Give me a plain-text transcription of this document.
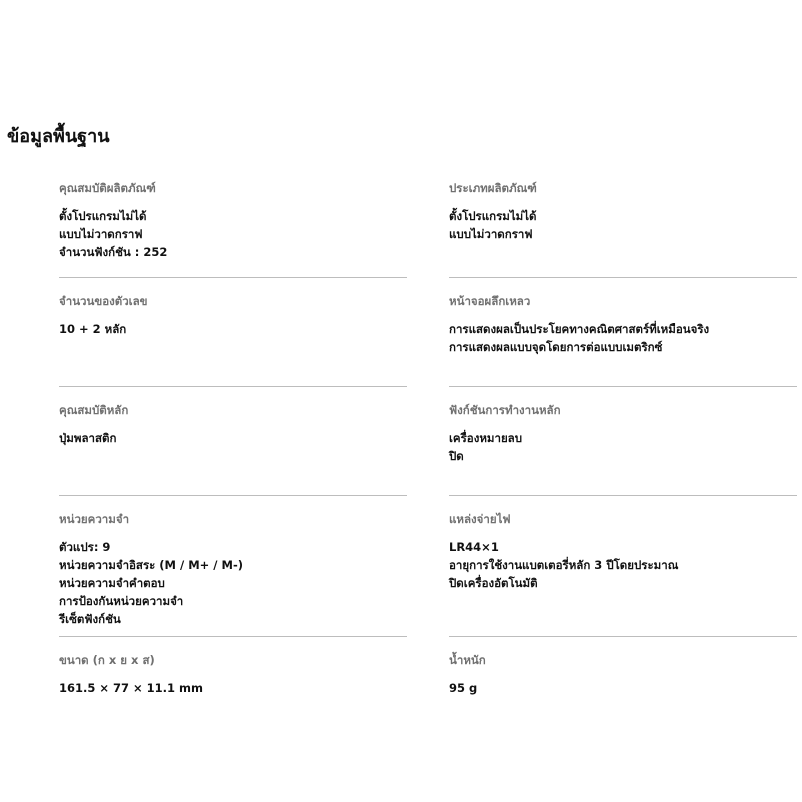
ข้อมูลพื้นฐาน
คุณสมบัติผลิตภัณฑ์
ตั้งโปรแกรมไม่ได้
แบบไม่วาดกราฟ
จำนวนฟังก์ชัน : 252
ประเภทผลิตภัณฑ์
ตั้งโปรแกรมไม่ได้
แบบไม่วาดกราฟ
จำนวนของตัวเลข
10 + 2 หลัก
หน้าจอผลึกเหลว
การแสดงผลเป็นประโยคทางคณิตศาสตร์ที่เหมือนจริง
การแสดงผลแบบจุดโดยการต่อแบบเมตริกซ์
คุณสมบัติหลัก
ปุ่มพลาสติก
ฟังก์ชันการทำงานหลัก
เครื่องหมายลบ
ปิด
หน่วยความจำ
ตัวแปร: 9
หน่วยความจำอิสระ (M / M+ / M-)
หน่วยความจำคำตอบ
การป้องกันหน่วยความจำ
รีเซ็ตฟังก์ชัน
แหล่งจ่ายไฟ
LR44×1
อายุการใช้งานแบตเตอรี่หลัก 3 ปีโดยประมาณ
ปิดเครื่องอัตโนมัติ
ขนาด (ก x ย x ส)
161.5 × 77 × 11.1 mm
น้ำหนัก
95 g
